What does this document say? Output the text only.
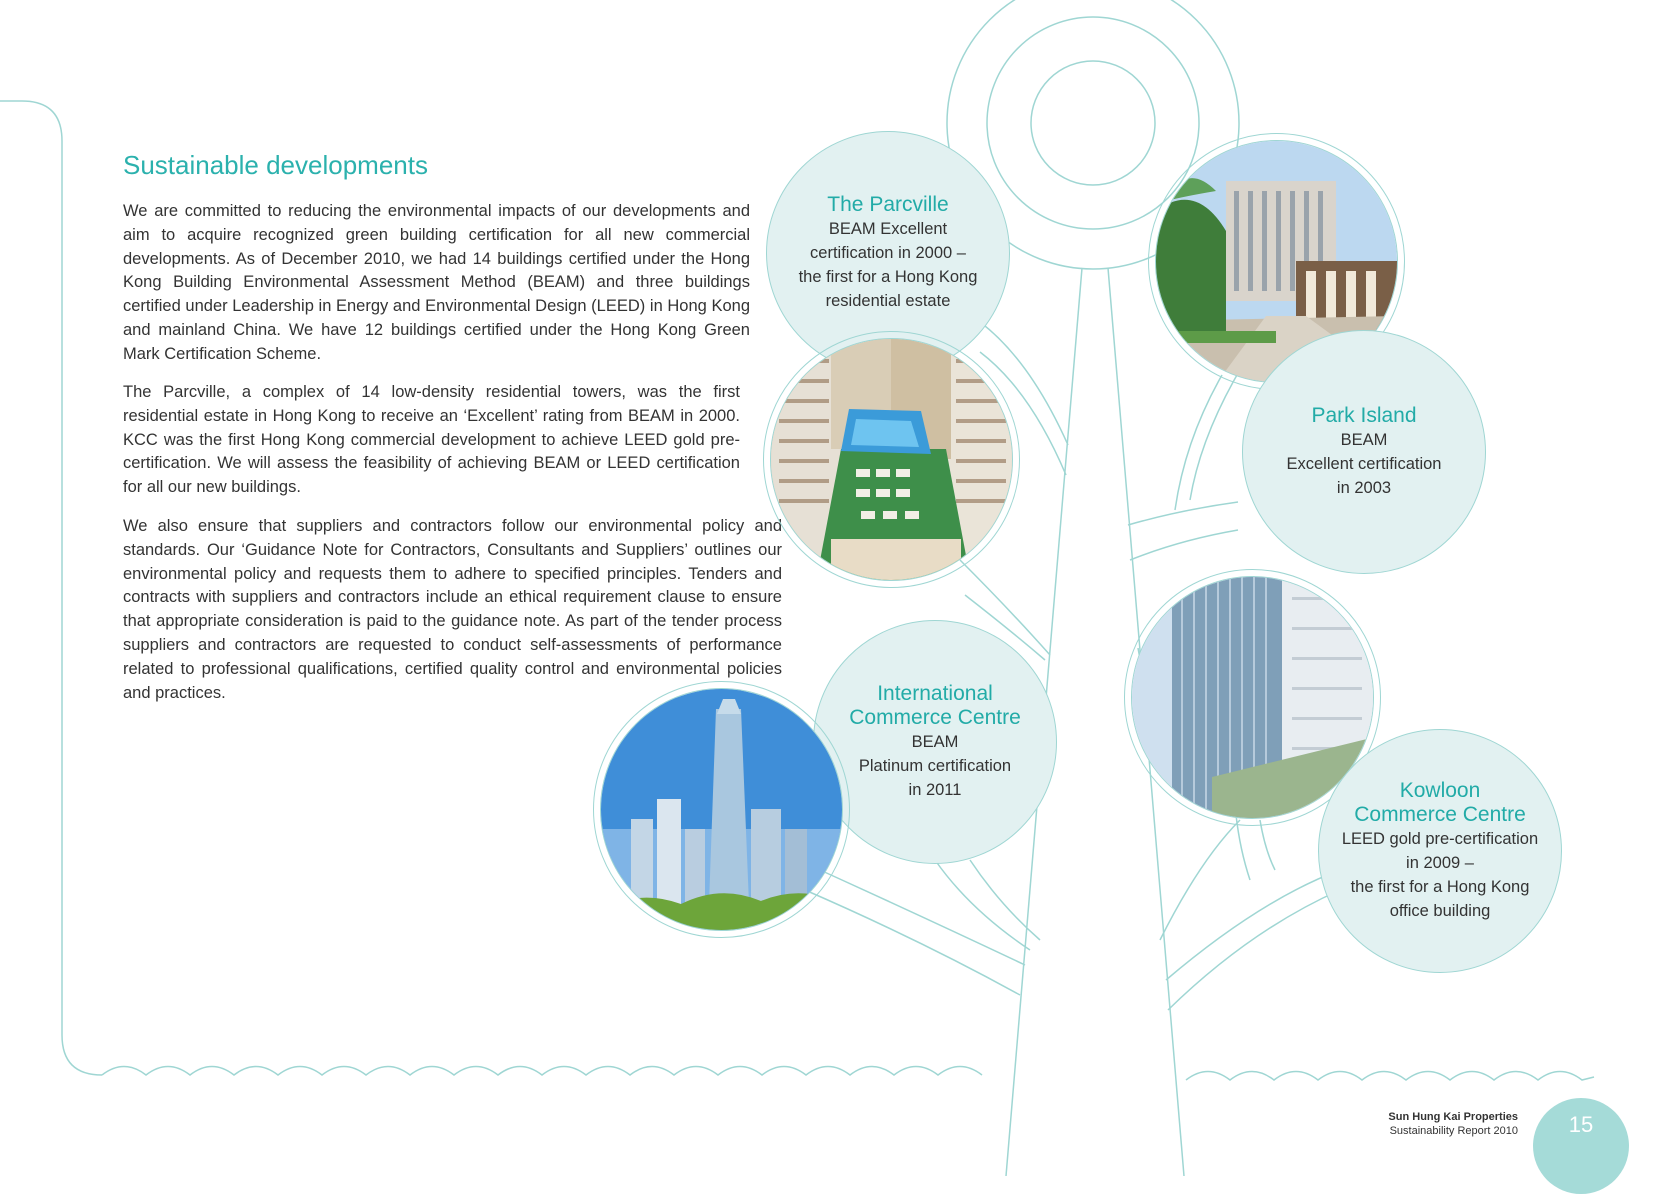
Sustainable developments

We are committed to reducing the environmental impacts of our developments and aim to acquire recognized green building certification for all new commercial developments. As of December 2010, we had 14 buildings certified under the Hong Kong Building Environmental Assessment Method (BEAM) and three buildings certified under Leadership in Energy and Environmental Design (LEED) in Hong Kong and mainland China. We have 12 buildings certified under the Hong Kong Green Mark Certification Scheme.

The Parcville, a complex of 14 low-density residential towers, was the first residential estate in Hong Kong to receive an ‘Excellent’ rating from BEAM in 2000. KCC was the first Hong Kong commercial development to achieve LEED gold pre-certification. We will assess the feasibility of achieving BEAM or LEED certification for all our new buildings.

We also ensure that suppliers and contractors follow our environmental policy and standards. Our ‘Guidance Note for Contractors, Consultants and Suppliers’ outlines our environmental policy and requests them to adhere to specified principles. Tenders and contracts with suppliers and contractors include an ethical requirement clause to ensure that appropriate consideration is paid to the guidance note. As part of the tender process suppliers and contractors are requested to conduct self-assessments of performance related to professional qualifications, certified quality control and environmental policies and practices.

The Parcville
BEAM Excellent
certification in 2000 –
the first for a Hong Kong
residential estate
Park Island
BEAM
Excellent certification
in 2003
International
Commerce Centre
BEAM
Platinum certification
in 2011	Kowloon
Commerce Centre
LEED gold pre-certification
in 2009 –
the first for a Hong Kong
office building
Sun Hung Kai Properties
Sustainability Report 2010	15
